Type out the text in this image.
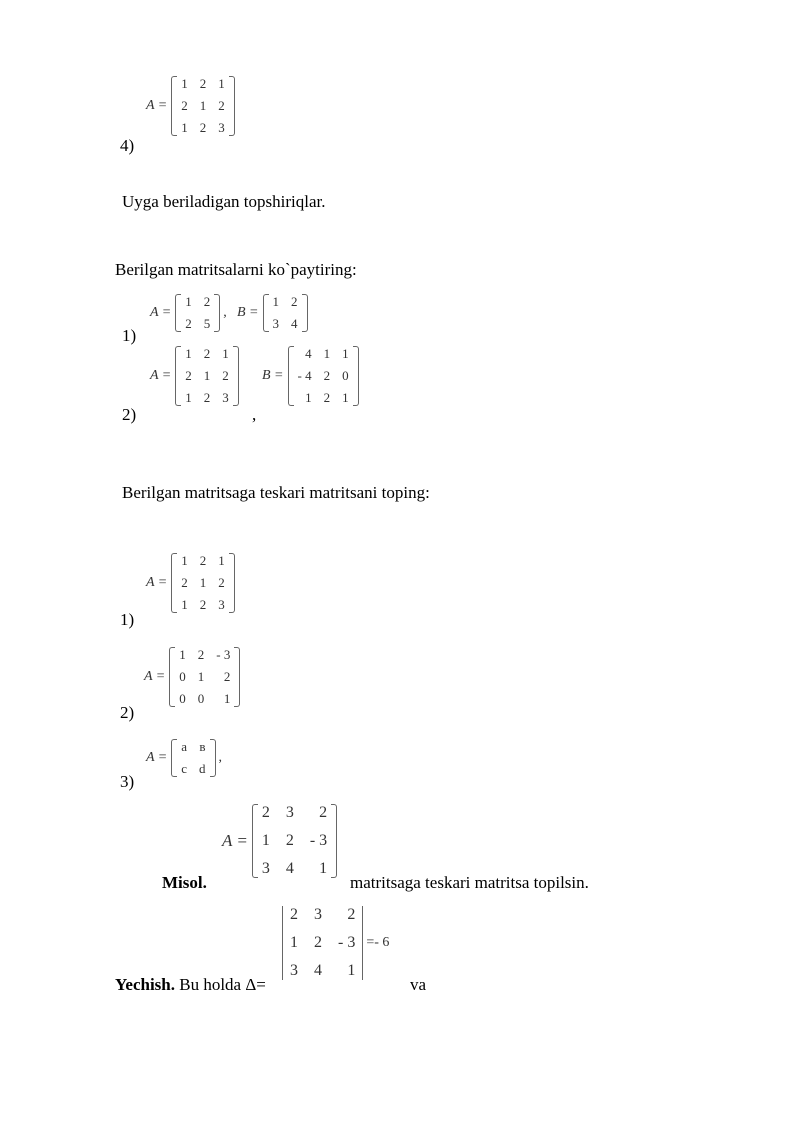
A =
1 2 1
2 1 2
1 2 3
4)
Uyga beriladigan topshiriqlar.
Berilgan matritsalarni ko`paytiring:
A =
1 2
2 5
, B =
1 2
3 4
1)
A =
1 2 1
2 1 2
1 2 3
,
B =
4 1 1
- 4 2 0
1 2 1
2)
Berilgan matritsaga teskari matritsani toping:
A =
1 2 1
2 1 2
1 2 3
1)
A =
1 2 - 3
0 1	2
0 0	1
2)
A =
a в
c d
,
3)
A =
2 3	2
1 2 - 3
3 4	1
Misol.	matritsaga teskari matritsa topilsin.
Yechish. Bu holda Δ=
2 3	2
1 2 - 3
3 4	1
=- 6
va
